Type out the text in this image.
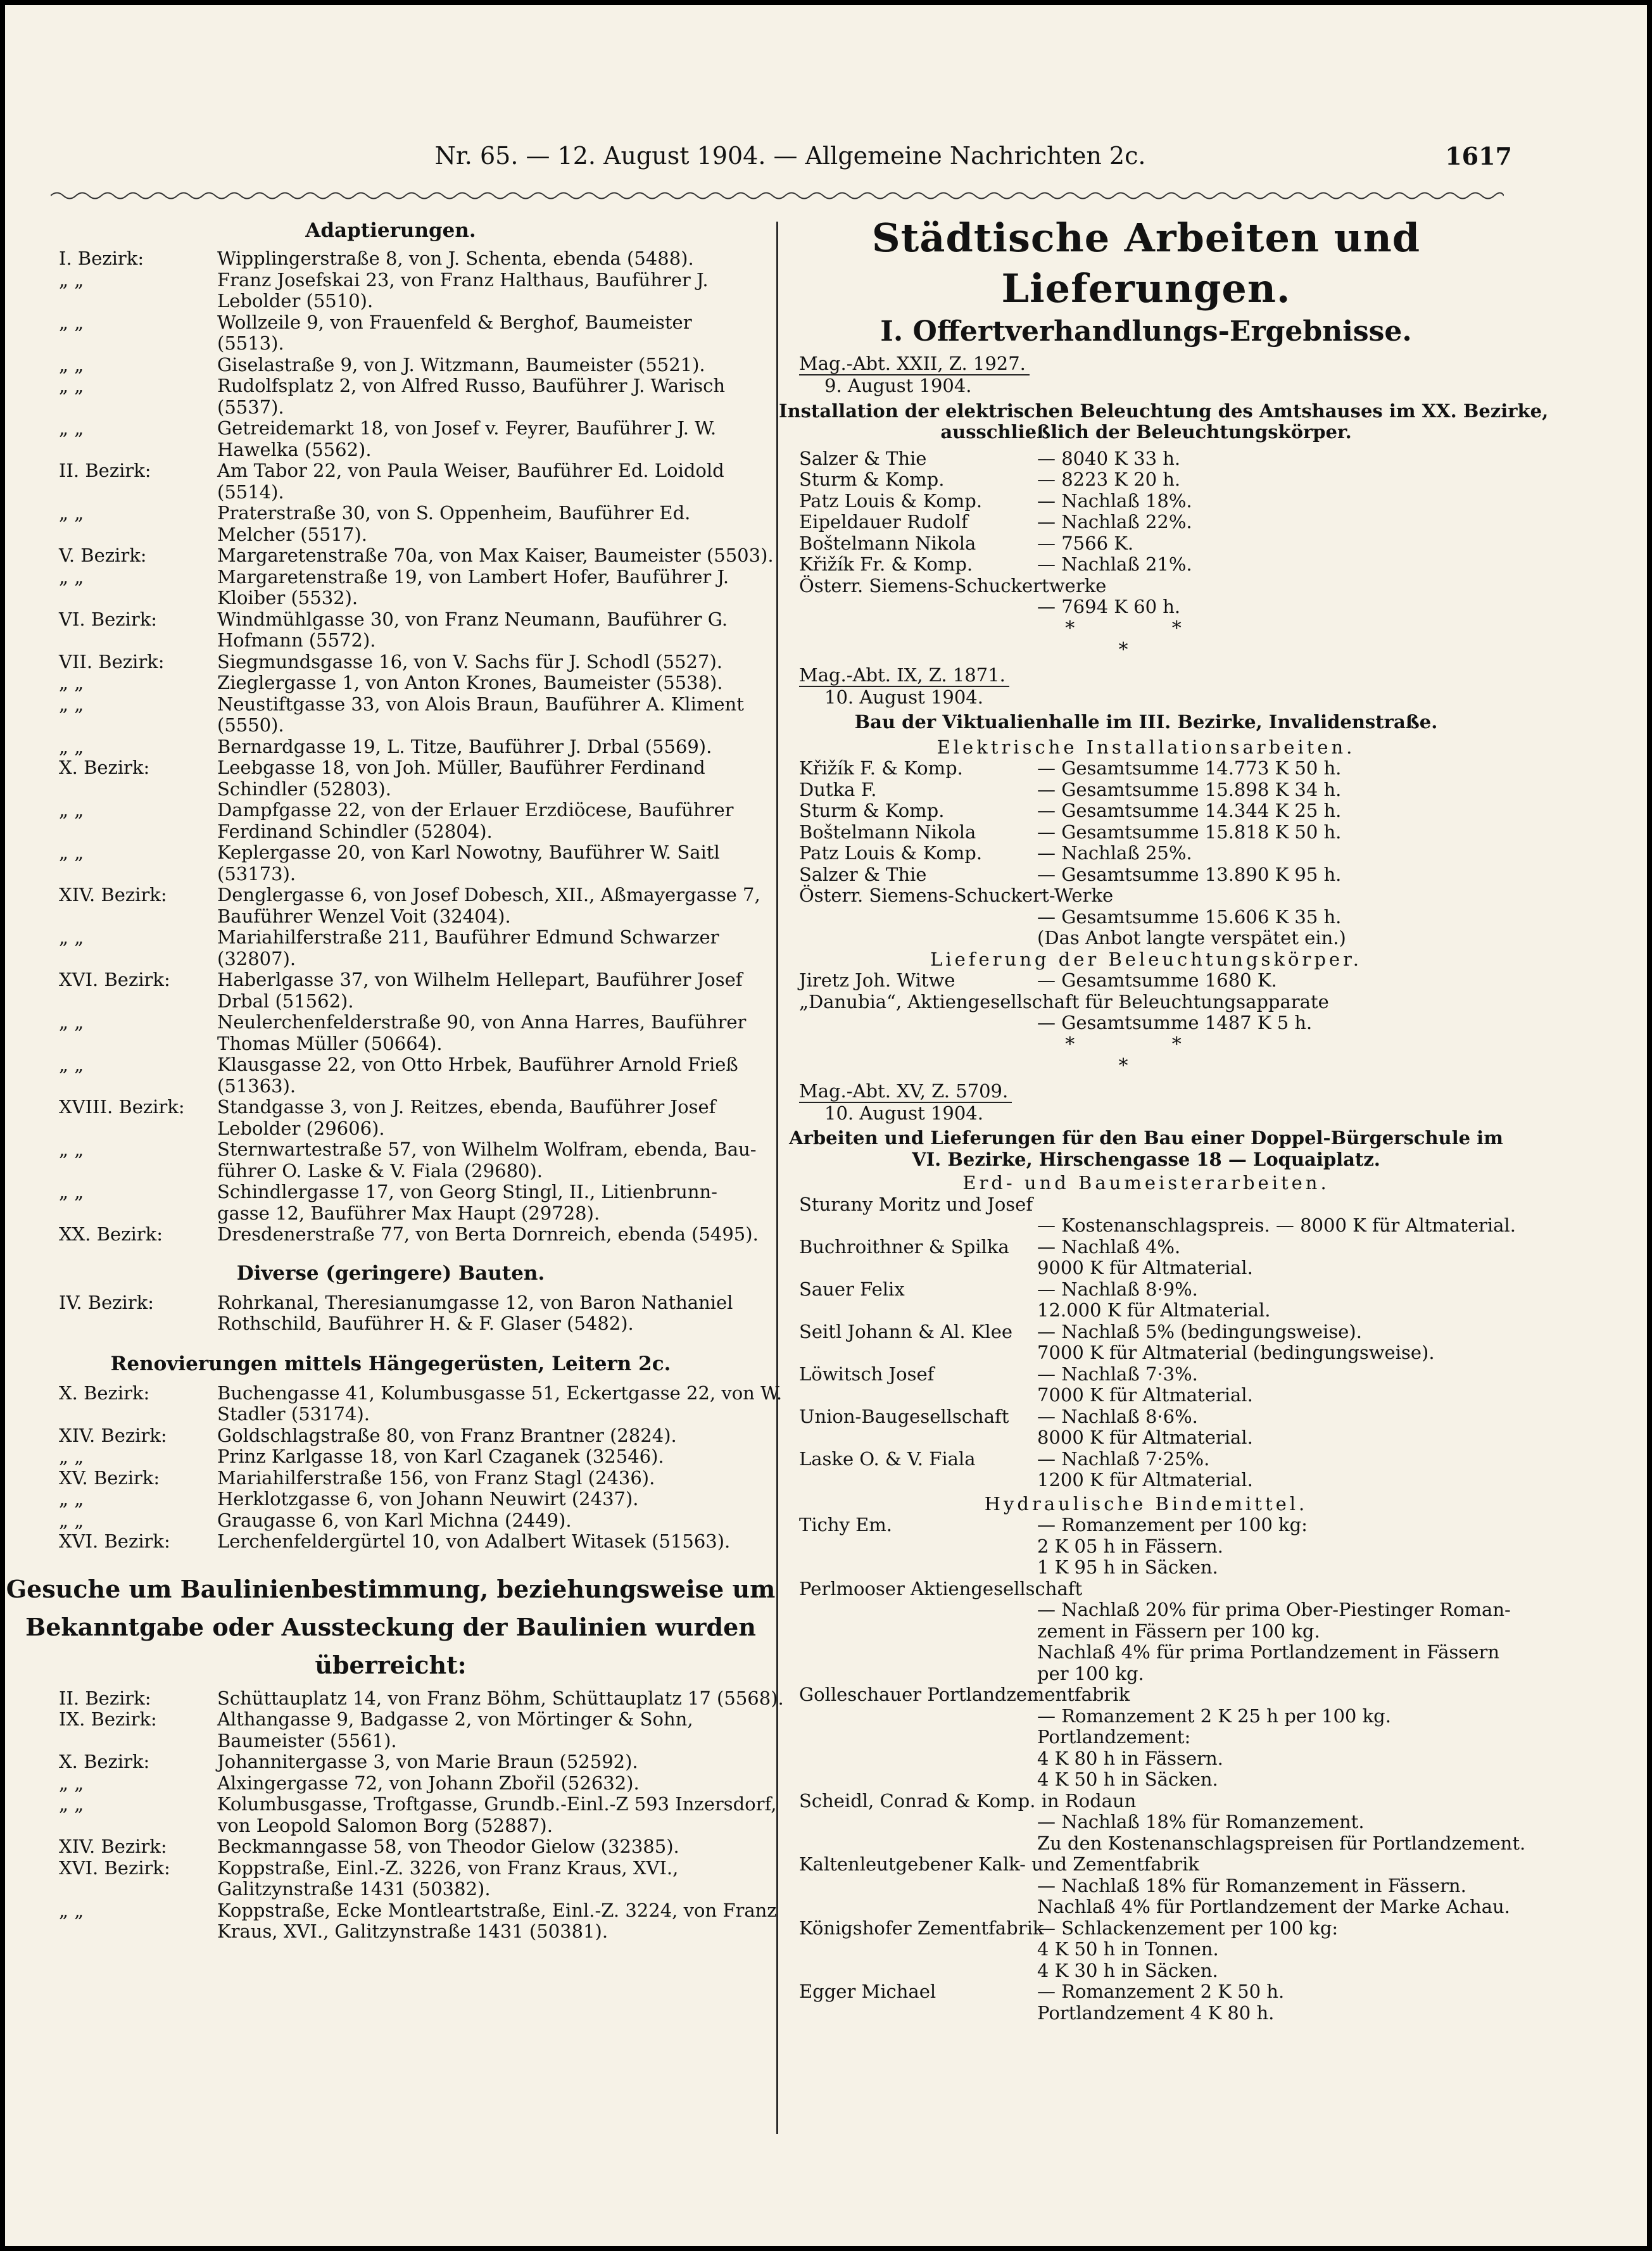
Nr. 65. — 12. August 1904. — Allgemeine Nachrichten 2c.	1617
Adaptierungen.
I. Bezirk:	Wipplingerstraße 8, von J. Schenta, ebenda (5488).
„ „	Franz Josefskai 23, von Franz Halthaus, Bauführer J.
Lebolder (5510).
„ „	Wollzeile 9, von Frauenfeld & Berghof, Baumeister
(5513).
„ „	Giselastraße 9, von J. Witzmann, Baumeister (5521).
„ „	Rudolfsplatz 2, von Alfred Russo, Bauführer J. Warisch
(5537).
„ „	Getreidemarkt 18, von Josef v. Feyrer, Bauführer J. W.
Hawelka (5562).
II. Bezirk:	Am Tabor 22, von Paula Weiser, Bauführer Ed. Loidold
(5514).
„ „	Praterstraße 30, von S. Oppenheim, Bauführer Ed.
Melcher (5517).
V. Bezirk:	Margaretenstraße 70a, von Max Kaiser, Baumeister (5503).
„ „	Margaretenstraße 19, von Lambert Hofer, Bauführer J.
Kloiber (5532).
VI. Bezirk:	Windmühlgasse 30, von Franz Neumann, Bauführer G.
Hofmann (5572).
VII. Bezirk:	Siegmundsgasse 16, von V. Sachs für J. Schodl (5527).
„ „	Zieglergasse 1, von Anton Krones, Baumeister (5538).
„ „	Neustiftgasse 33, von Alois Braun, Bauführer A. Kliment
(5550).
„ „	Bernardgasse 19, L. Titze, Bauführer J. Drbal (5569).
X. Bezirk:	Leebgasse 18, von Joh. Müller, Bauführer Ferdinand
Schindler (52803).
„ „	Dampfgasse 22, von der Erlauer Erzdiöcese, Bauführer
Ferdinand Schindler (52804).
„ „	Keplergasse 20, von Karl Nowotny, Bauführer W. Saitl
(53173).
XIV. Bezirk:	Denglergasse 6, von Josef Dobesch, XII., Aßmayergasse 7,
Bauführer Wenzel Voit (32404).
„ „	Mariahilferstraße 211, Bauführer Edmund Schwarzer
(32807).
XVI. Bezirk:	Haberlgasse 37, von Wilhelm Hellepart, Bauführer Josef
Drbal (51562).
„ „	Neulerchenfelderstraße 90, von Anna Harres, Bauführer
Thomas Müller (50664).
„ „	Klausgasse 22, von Otto Hrbek, Bauführer Arnold Frieß
(51363).
XVIII. Bezirk: Standgasse 3, von J. Reitzes, ebenda, Bauführer Josef
Lebolder (29606).
„ „	Sternwartestraße 57, von Wilhelm Wolfram, ebenda, Bau-
führer O. Laske & V. Fiala (29680).
„ „	Schindlergasse 17, von Georg Stingl, II., Litienbrunn-
gasse 12, Bauführer Max Haupt (29728).
XX. Bezirk:	Dresdenerstraße 77, von Berta Dornreich, ebenda (5495).
Diverse (geringere) Bauten.
IV. Bezirk:	Rohrkanal, Theresianumgasse 12, von Baron Nathaniel
Rothschild, Bauführer H. & F. Glaser (5482).
Renovierungen mittels Hängegerüsten, Leitern 2c.
X. Bezirk:	Buchengasse 41, Kolumbusgasse 51, Eckertgasse 22, von W.
Stadler (53174).
XIV. Bezirk:	Goldschlagstraße 80, von Franz Brantner (2824).
„ „	Prinz Karlgasse 18, von Karl Czaganek (32546).
XV. Bezirk:	Mariahilferstraße 156, von Franz Stagl (2436).
„ „	Herklotzgasse 6, von Johann Neuwirt (2437).
„ „	Graugasse 6, von Karl Michna (2449).
XVI. Bezirk:	Lerchenfeldergürtel 10, von Adalbert Witasek (51563).
Gesuche um Baulinienbestimmung, beziehungsweise um
Bekanntgabe oder Aussteckung der Baulinien wurden
überreicht:
II. Bezirk:	Schüttauplatz 14, von Franz Böhm, Schüttauplatz 17 (5568).
IX. Bezirk:	Althangasse 9, Badgasse 2, von Mörtinger & Sohn,
Baumeister (5561).
X. Bezirk:	Johannitergasse 3, von Marie Braun (52592).
„ „	Alxingergasse 72, von Johann Zbořil (52632).
„ „	Kolumbusgasse, Troftgasse, Grundb.-Einl.-Z 593 Inzersdorf,
von Leopold Salomon Borg (52887).
XIV. Bezirk:	Beckmanngasse 58, von Theodor Gielow (32385).
XVI. Bezirk:	Koppstraße, Einl.-Z. 3226, von Franz Kraus, XVI.,
Galitzynstraße 1431 (50382).
„ „	Koppstraße, Ecke Montleartstraße, Einl.-Z. 3224, von Franz
Kraus, XVI., Galitzynstraße 1431 (50381).
Städtische Arbeiten und Lieferungen.
I. Offertverhandlungs-Ergebnisse.
Mag.-Abt. XXII, Z. 1927.
9. August 1904.
Installation der elektrischen Beleuchtung des Amtshauses im XX. Bezirke,
ausschließlich der Beleuchtungskörper.
Salzer & Thie	— 8040 K 33 h.
Sturm & Komp.	— 8223 K 20 h.
Patz Louis & Komp.	— Nachlaß 18%.
Eipeldauer Rudolf	— Nachlaß 22%.
Boštelmann Nikola	— 7566 K.
Křižík Fr. & Komp.	— Nachlaß 21%.
Österr. Siemens-Schuckertwerke
— 7694 K 60 h.
* *
*
Mag.-Abt. IX, Z. 1871.
10. August 1904.
Bau der Viktualienhalle im III. Bezirke, Invalidenstraße.
Elektrische Installationsarbeiten.
Křižík F. & Komp.	— Gesamtsumme 14.773 K 50 h.
Dutka F.	— Gesamtsumme 15.898 K 34 h.
Sturm & Komp.	— Gesamtsumme 14.344 K 25 h.
Boštelmann Nikola	— Gesamtsumme 15.818 K 50 h.
Patz Louis & Komp.	— Nachlaß 25%.
Salzer & Thie	— Gesamtsumme 13.890 K 95 h.
Österr. Siemens-Schuckert-Werke
— Gesamtsumme 15.606 K 35 h.
(Das Anbot langte verspätet ein.)
Lieferung der Beleuchtungskörper.
Jiretz Joh. Witwe	— Gesamtsumme 1680 K.
„Danubia“, Aktiengesellschaft für Beleuchtungsapparate
— Gesamtsumme 1487 K 5 h.
* *
*
Mag.-Abt. XV, Z. 5709.
10. August 1904.
Arbeiten und Lieferungen für den Bau einer Doppel-Bürgerschule im
VI. Bezirke, Hirschengasse 18 — Loquaiplatz.
Erd- und Baumeisterarbeiten.
Sturany Moritz und Josef
— Kostenanschlagspreis. — 8000 K für Altmaterial.
Buchroithner & Spilka — Nachlaß 4%.
9000 K für Altmaterial.
Sauer Felix	— Nachlaß 8·9%.
12.000 K für Altmaterial.
Seitl Johann & Al. Klee — Nachlaß 5% (bedingungsweise).
7000 K für Altmaterial (bedingungsweise).
Löwitsch Josef	— Nachlaß 7·3%.
7000 K für Altmaterial.
Union-Baugesellschaft — Nachlaß 8·6%.
8000 K für Altmaterial.
Laske O. & V. Fiala	— Nachlaß 7·25%.
1200 K für Altmaterial.
Hydraulische Bindemittel.
Tichy Em.	— Romanzement per 100 kg:
2 K 05 h in Fässern.
1 K 95 h in Säcken.
Perlmooser Aktiengesellschaft
— Nachlaß 20% für prima Ober-Piestinger Roman-
zement in Fässern per 100 kg.
Nachlaß 4% für prima Portlandzement in Fässern
per 100 kg.
Golleschauer Portlandzementfabrik
— Romanzement 2 K 25 h per 100 kg.
Portlandzement:
4 K 80 h in Fässern.
4 K 50 h in Säcken.
Scheidl, Conrad & Komp. in Rodaun
— Nachlaß 18% für Romanzement.
Zu den Kostenanschlagspreisen für Portlandzement.
Kaltenleutgebener Kalk- und Zementfabrik
— Nachlaß 18% für Romanzement in Fässern.
Nachlaß 4% für Portlandzement der Marke Achau.
Königshofer Zementfabrik
— Schlackenzement per 100 kg:
4 K 50 h in Tonnen.
4 K 30 h in Säcken.
Egger Michael	— Romanzement 2 K 50 h.
Portlandzement 4 K 80 h.
